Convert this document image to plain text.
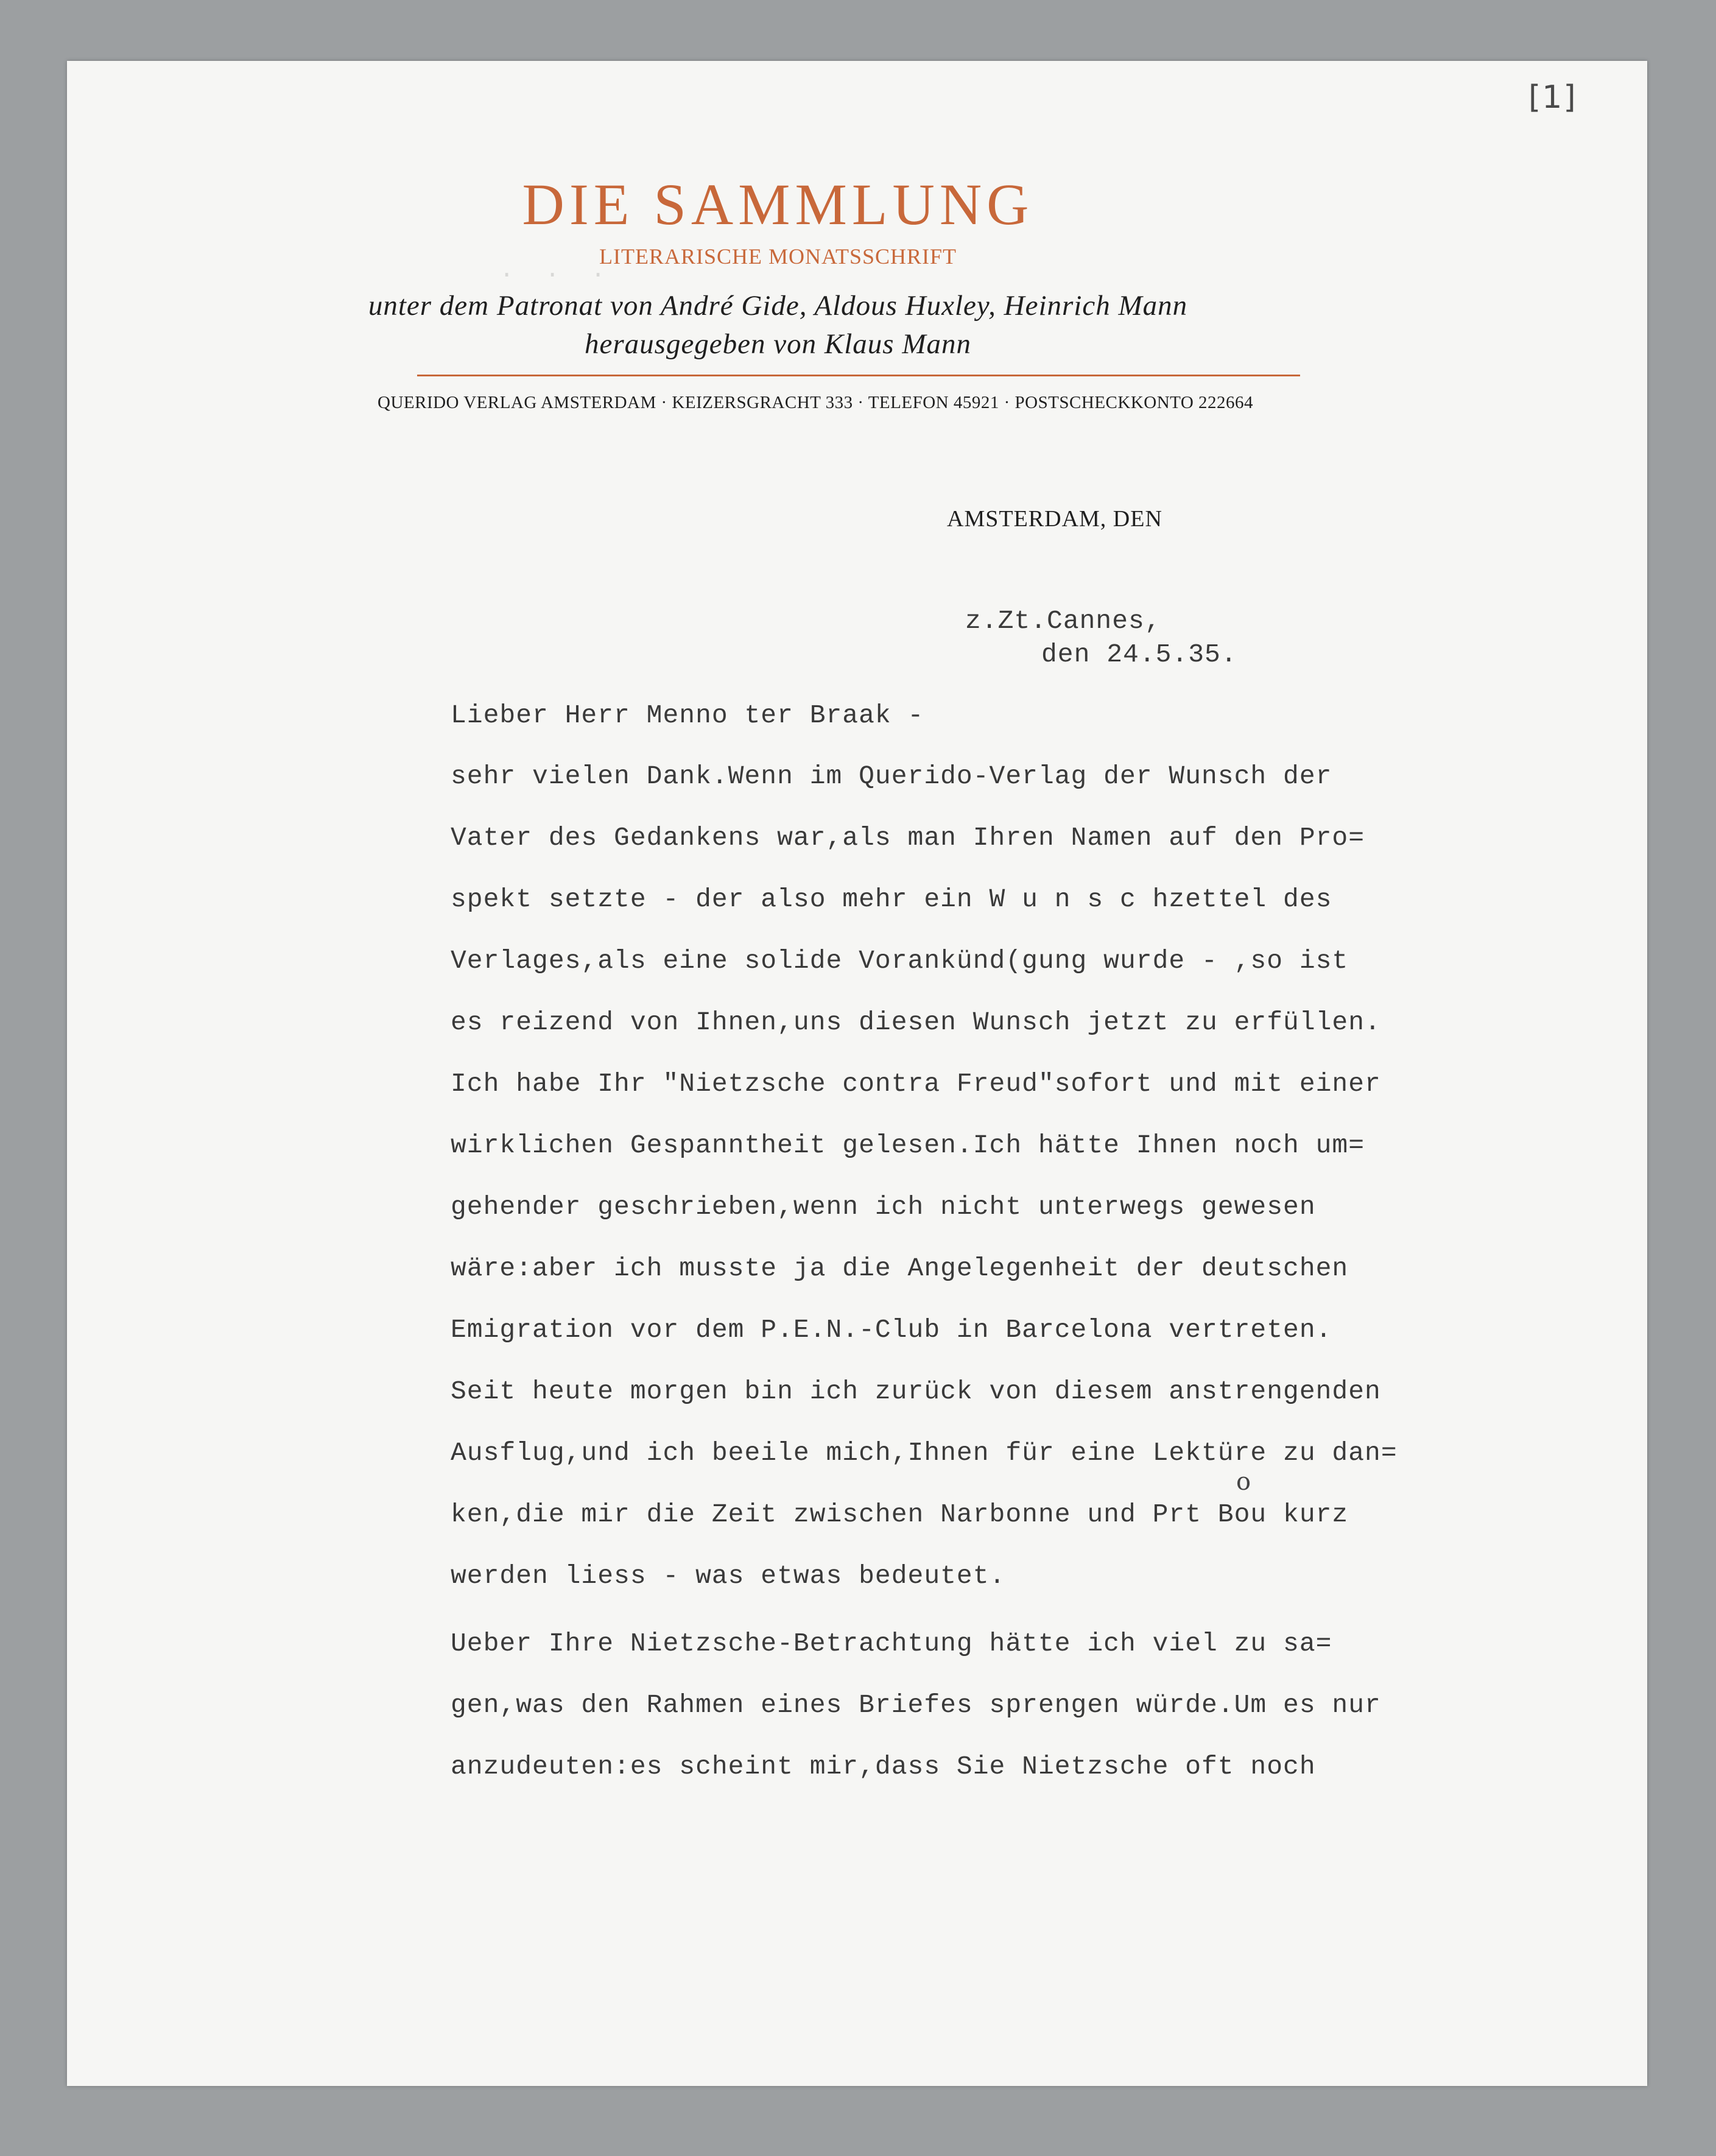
[1]
DIE SAMMLUNG
LITERARISCHE MONATSSCHRIFT
unter dem Patronat von André Gide, Aldous Huxley, Heinrich Mann
herausgegeben von Klaus Mann
QUERIDO VERLAG AMSTERDAM · KEIZERSGRACHT 333 · TELEFON 45921 · POSTSCHECKKONTO 222664
AMSTERDAM, DEN
·  ·  ·

z.Zt.Cannes,
den 24.5.35.
Lieber Herr Menno ter Braak -
sehr vielen Dank.Wenn im Querido-Verlag der Wunsch der
Vater des Gedankens war,als man Ihren Namen auf den Pro=
spekt setzte - der also mehr ein W u n s c hzettel des
Verlages,als eine solide Vorankünd(gung wurde - ,so ist
es reizend von Ihnen,uns diesen Wunsch jetzt zu erfüllen.
Ich habe Ihr "Nietzsche contra Freud"sofort und mit einer
wirklichen Gespanntheit gelesen.Ich hätte Ihnen noch um=
gehender geschrieben,wenn ich nicht unterwegs gewesen
wäre:aber ich musste ja die Angelegenheit der deutschen
Emigration vor dem P.E.N.-Club in Barcelona vertreten.
Seit heute morgen bin ich zurück von diesem anstrengenden
Ausflug,und ich beeile mich,Ihnen für eine Lektüre zu dan=
ken,die mir die Zeit zwischen Narbonne und Prt Bou kurz
werden liess - was etwas bedeutet.
Ueber Ihre Nietzsche-Betrachtung hätte ich viel zu sa=
gen,was den Rahmen eines Briefes sprengen würde.Um es nur
anzudeuten:es scheint mir,dass Sie Nietzsche oft noch
o
